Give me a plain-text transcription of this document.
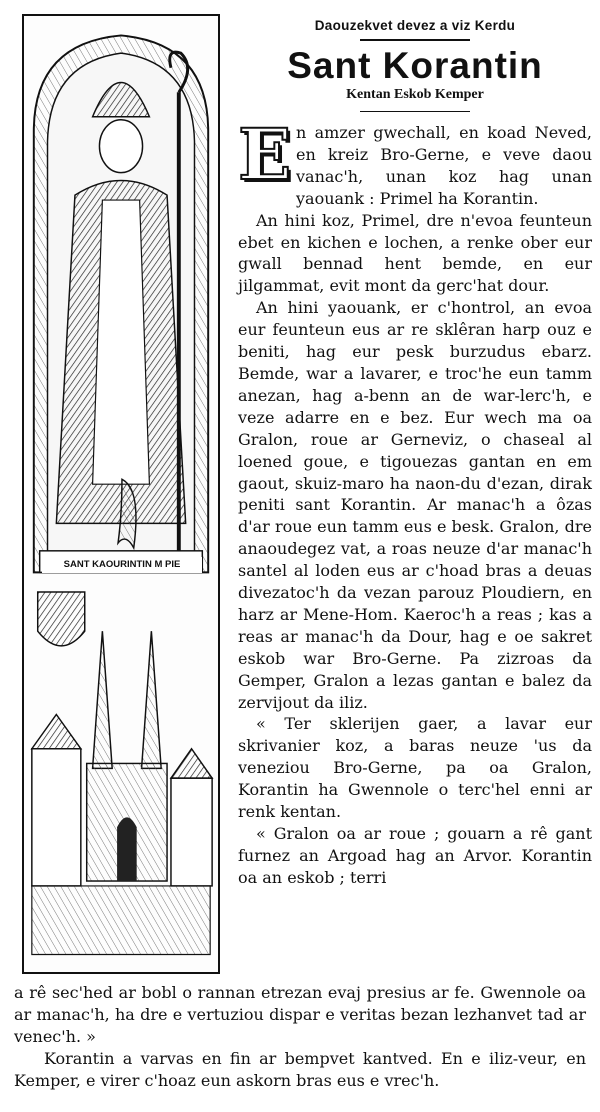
SANT KAOURINTIN M PIE
Daouzekvet devez a viz Kerdu
Sant Korantin
Kentan Eskob Kemper

E n amzer gwechall, en koad Neved, en kreiz Bro-Gerne, e veve daou vanac'h, unan koz hag unan yaouank : Primel ha Korantin.

An hini koz, Primel, dre n'evoa feunteun ebet en kichen e lochen, a renke ober eur gwall bennad hent bemde, en eur jilgammat, evit mont da gerc'hat dour.

An hini yaouank, er c'hontrol, an evoa eur feunteun eus ar re sklêran harp ouz e beniti, hag eur pesk burzudus ebarz. Bemde, war a lavarer, e troc'he eun tamm anezan, hag a-benn an de war-lerc'h, e veze adarre en e bez. Eur wech ma oa Gralon, roue ar Gerneviz, o chaseal al loened goue, e tigouezas gantan en em gaout, skuiz-maro ha naon-du d'ezan, dirak peniti sant Korantin. Ar manac'h a ôzas d'ar roue eun tamm eus e besk. Gralon, dre anaoudegez vat, a roas neuze d'ar manac'h santel al loden eus ar c'hoad bras a deuas divezatoc'h da vezan parouz Ploudiern, en harz ar Mene-Hom. Kaeroc'h a reas ; kas a reas ar manac'h da Dour, hag e oe sakret eskob war Bro-Gerne. Pa zizroas da Gemper, Gralon a lezas gantan e balez da zervijout da iliz.

« Ter sklerijen gaer, a lavar eur skrivanier koz, a baras neuze 'us da veneziou Bro-Gerne, pa oa Gralon, Korantin ha Gwennole o terc'hel enni ar renk kentan.

« Gralon oa ar roue ; gouarn a rê gant furnez an Argoad hag an Arvor. Korantin oa an eskob ; terri

a rê sec'hed ar bobl o rannan etrezan evaj presius ar fe. Gwennole oa ar manac'h, ha dre e vertuziou dispar e veritas bezan lezhanvet tad ar venec'h. »

Korantin a varvas en fin ar bempvet kantved. En e iliz-veur, en Kemper, e virer c'hoaz eun askorn bras eus e vrec'h.
